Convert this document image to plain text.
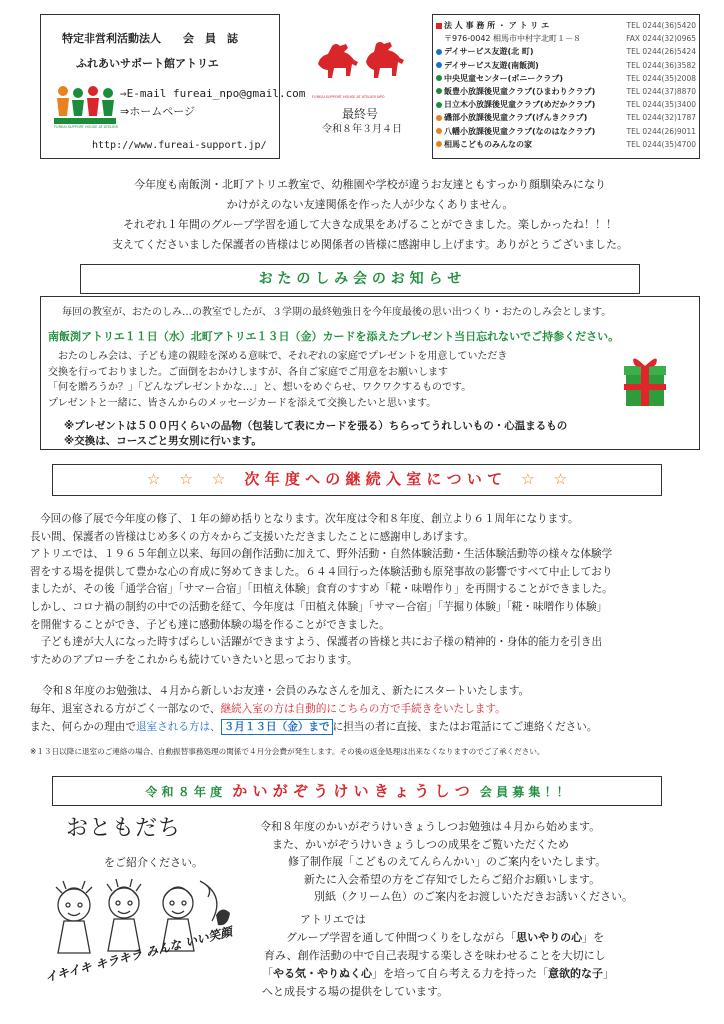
特定非営利活動法人　　会　員　誌
ふれあいサポート館アトリエ
FUREAI SUPPORT HOUSE AT ATELIER
⇒E-mail fureai_npo@gmail.com
⇒ホームページ
http://www.fureai-support.jp/
FUREAI SUPPORT HOUSE AT ATELIER NPO
最終号
令和８年３月４日
法 人 事 務 所 ・ ア ト リ エ	TEL 0244(36)5420
〒976-0042 相馬市中村字北町１－８	FAX 0244(32)0965
デイサービス友遊(北 町)	TEL 0244(26)5424
デイサービス友遊(南飯渕)	TEL 0244(36)3582
中央児童センター(ポニークラブ)	TEL 0244(35)2008
飯豊小放課後児童クラブ(ひまわりクラブ)	TEL 0244(37)8870
日立木小放課後児童クラブ(めだかクラブ)	TEL 0244(35)3400
磯部小放課後児童クラブ(げんきクラブ)	TEL 0244(32)1787
八幡小放課後児童クラブ(なのはなクラブ)	TEL 0244(26)9011
相馬こどものみんなの家	TEL 0244(35)4700
今年度も南飯渕・北町アトリエ教室で、幼稚園や学校が違うお友達ともすっかり顔馴染みになり
かけがえのない友達関係を作った人が少なくありません。
それぞれ１年間のグループ学習を通して大きな成果をあげることができました。楽しかったね！！！
支えてくださいました保護者の皆様はじめ関係者の皆様に感謝申し上げます。ありがとうございました。
お た の し み 会 の お 知 ら せ
毎回の教室が、おたのしみ…の教室でしたが、３学期の最終勉強日を今年度最後の思い出つくり・おたのしみ会とします。
南飯渕アトリエ１１日（水）北町アトリエ１３日（金）カードを添えたプレゼント当日忘れないでご持参ください。
おたのしみ会は、子ども達の親睦を深める意味で、それぞれの家庭でプレゼントを用意していただき
交換を行っておりました。ご面倒をおかけしますが、各自ご家庭でご用意をお願いします
「何を贈ろうか？」「どんなプレゼントかな…」と、想いをめぐらせ、ワクワクするものです。
プレゼントと一緒に、皆さんからのメッセージカードを添えて交換したいと思います。
※プレゼントは５００円くらいの品物（包装して表にカードを張る）ちらってうれしいもの・心温まるもの
※交換は、コースごと男女別に行います。
☆ ☆ ☆ 次 年 度 へ の 継 続 入 室 に つ い て ☆ ☆
今回の修了展で今年度の修了、１年の締め括りとなります。次年度は令和８年度、創立より６１周年になります。
長い間、保護者の皆様はじめ多くの方々からご支援いただきましたことに感謝申しあげます。
アトリエでは、１９６５年創立以来、毎回の創作活動に加えて、野外活動・自然体験活動・生活体験活動等の様々な体験学
習をする場を提供して豊かな心の育成に努めてきました。６４４回行った体験活動も原発事故の影響ですべて中止しており
ましたが、その後「通学合宿」「サマー合宿」「田植え体験」食育のすすめ「糀・味噌作り」を再開することができました。
しかし、コロナ禍の制約の中での活動を経て、今年度は「田植え体験」「サマー合宿」「芋掘り体験」「糀・味噌作り体験」
を開催することができ、子ども達に感動体験の場を作ることができました。
　子ども達が大人になった時すばらしい活躍ができますよう、保護者の皆様と共にお子様の精神的・身体的能力を引き出
すためのアプローチをこれからも続けていきたいと思っております。
令和８年度のお勉強は、４月から新しいお友達・会員のみなさんを加え、新たにスタートいたします。
毎年、退室される方がごく一部なので、継続入室の方は自動的にこちらの方で手続きをいたします。
また、何らかの理由で退室される方は、 ３月１３日（金）まで に担当の者に直接、またはお電話にてご連絡ください。
※１３日以降に退室のご連絡の場合、自動振替事務処理の関係で４月分会費が発生します。その後の返金処理は出来なくなりますのでご了承ください。
令 和 ８ 年 度 か い が ぞ う け い き ょ う し つ 会 員 募 集 ！！
おともだち
をご紹介ください。
イキイキ キラキラ みんな いい笑顔
令和８年度のかいがぞうけいきょうしつお勉強は４月から始めます。
また、かいがぞうけいきょうしつの成果をご覧いただくため
修了制作展「こどものえてんらんかい」のご案内をいたします。
新たに入会希望の方をご存知でしたらご紹介お願いします。
別紙（クリーム色）のご案内をお渡しいただきお誘いください。
アトリエでは
グループ学習を通して仲間つくりをしながら「思いやりの心」を
育み、創作活動の中で自己表現する楽しさを味わせることを大切にし
「やる気・やりぬく心」を培って自ら考える力を持った「意欲的な子」
へと成長する場の提供をしています。
